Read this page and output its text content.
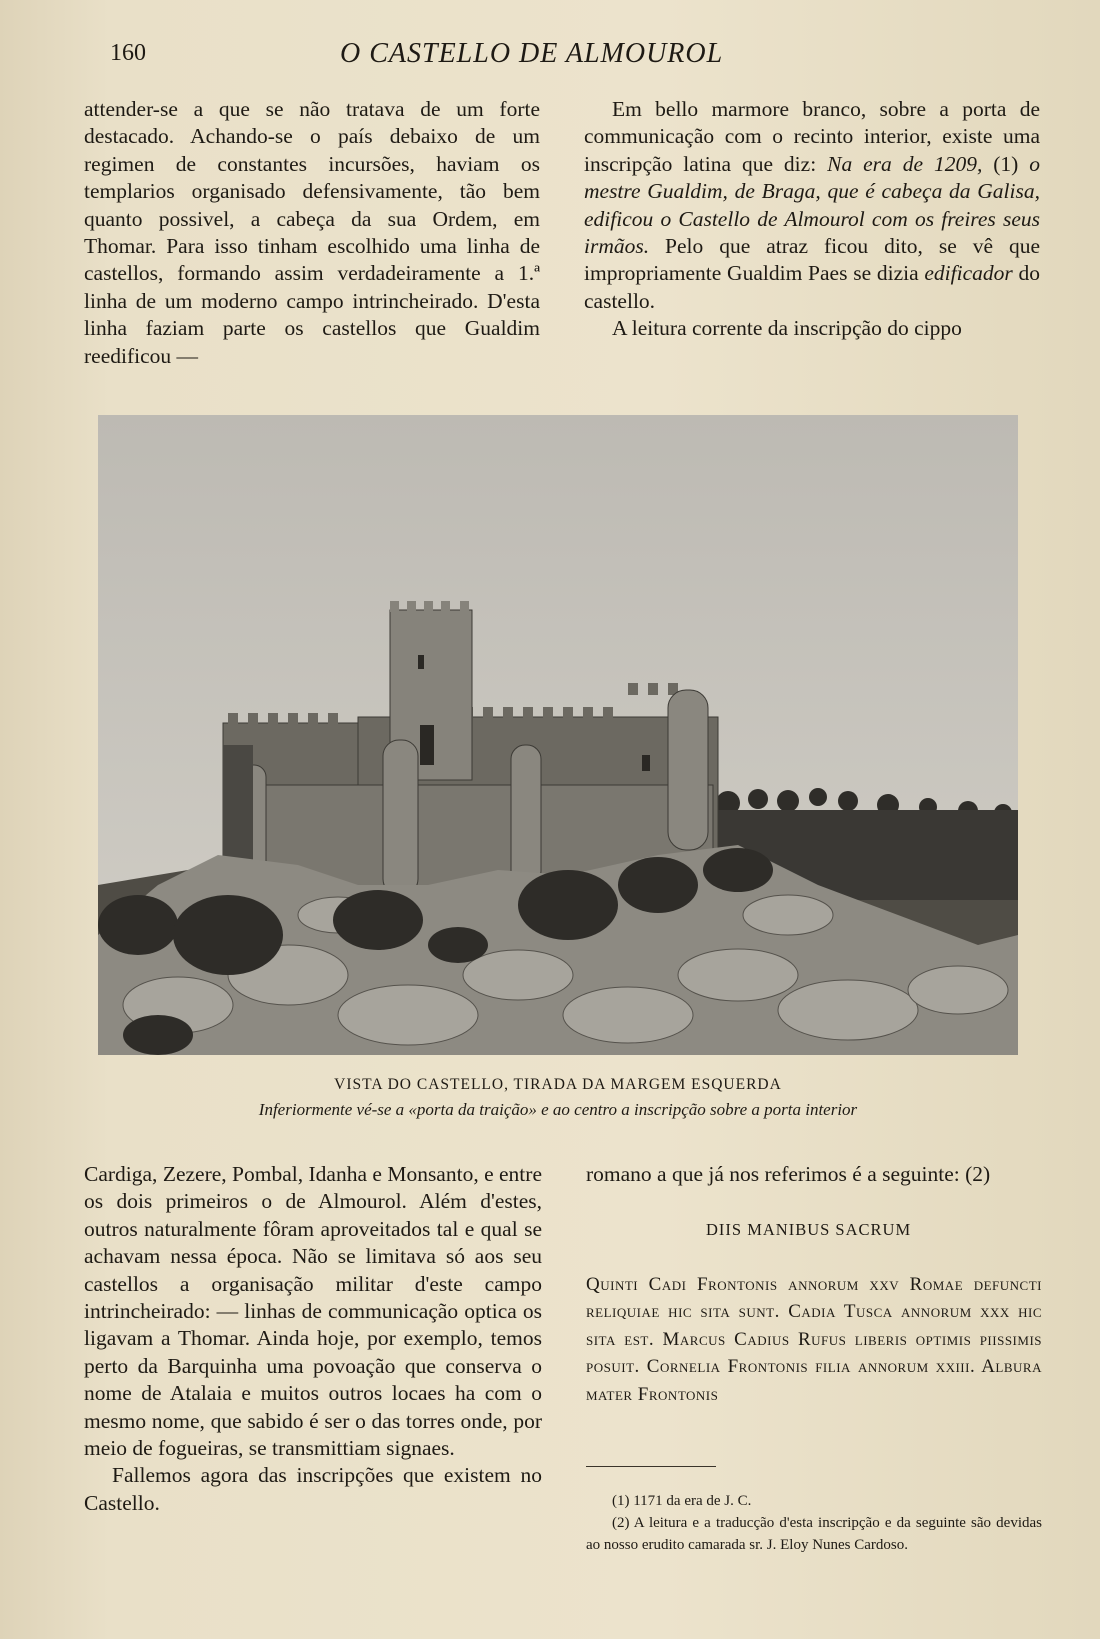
160	O CASTELLO DE ALMOUROL

attender-se a que se não tratava de um forte destacado. Achando-se o país debaixo de um regimen de constantes incursões, haviam os templarios organisado defensivamente, tão bem quanto possivel, a cabeça da sua Ordem, em Thomar. Para isso tinham escolhido uma linha de castellos, formando assim verdadeiramente a 1.ª linha de um moderno campo intrincheirado. D'esta linha faziam parte os castellos que Gualdim reedificou —

Em bello marmore branco, sobre a porta de communicação com o recinto interior, existe uma inscripção latina que diz: Na era de 1209, (1) o mestre Gualdim, de Braga, que é cabeça da Galisa, edificou o Castello de Almourol com os freires seus irmãos. Pelo que atraz ficou dito, se vê que impropriamente Gualdim Paes se dizia edificador do castello.

A leitura corrente da inscripção do cippo

VISTA DO CASTELLO, TIRADA DA MARGEM ESQUERDA
Inferiormente vé-se a «porta da traição» e ao centro a inscripção sobre a porta interior

Cardiga, Zezere, Pombal, Idanha e Monsanto, e entre os dois primeiros o de Almourol. Além d'estes, outros naturalmente fôram aproveitados tal e qual se achavam nessa época. Não se limitava só aos seu castellos a organisação militar d'este campo intrincheirado: — linhas de communicação optica os ligavam a Thomar. Ainda hoje, por exemplo, temos perto da Barquinha uma povoação que conserva o nome de Atalaia e muitos outros locaes ha com o mesmo nome, que sabido é ser o das torres onde, por meio de fogueiras, se transmittiam signaes.

Fallemos agora das inscripções que existem no Castello.

romano a que já nos referimos é a seguinte: (2)

DIIS MANIBUS SACRUM
Quinti Cadi Frontonis annorum xxv Romae defuncti reliquiae hic sita sunt. Cadia Tusca annorum xxx hic sita est. Marcus Cadius Rufus liberis optimis piissimis posuit. Cornelia Frontonis filia annorum xxiii. Albura mater Frontonis

(1) 1171 da era de J. C.

(2) A leitura e a traducção d'esta inscripção e da seguinte são devidas ao nosso erudito camarada sr. J. Eloy Nunes Cardoso.
